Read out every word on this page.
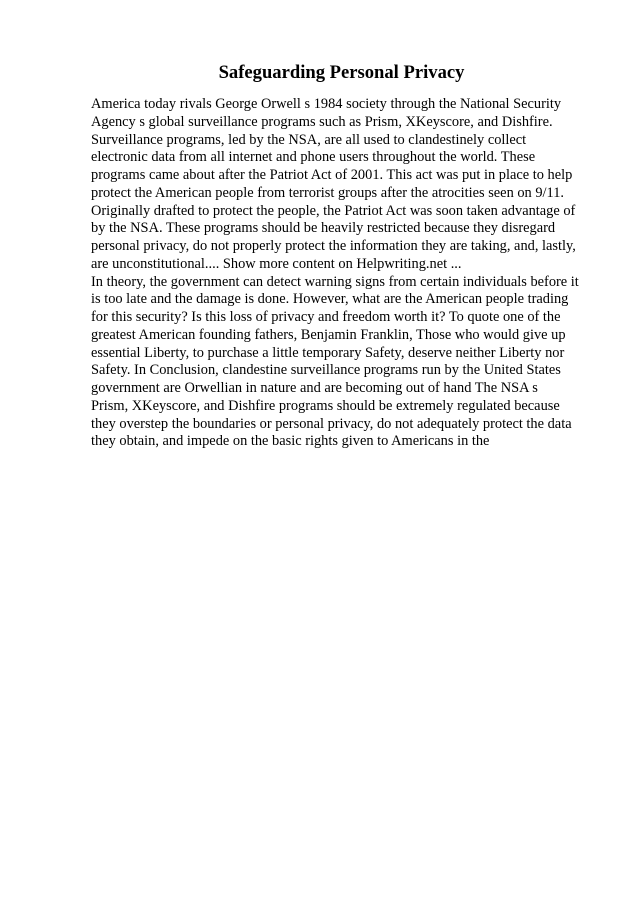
Safeguarding Personal Privacy
America today rivals George Orwell s 1984 society through the National Security
Agency s global surveillance programs such as Prism, XKeyscore, and Dishfire.
Surveillance programs, led by the NSA, are all used to clandestinely collect
electronic data from all internet and phone users throughout the world. These
programs came about after the Patriot Act of 2001. This act was put in place to help
protect the American people from terrorist groups after the atrocities seen on 9/11.
Originally drafted to protect the people, the Patriot Act was soon taken advantage of
by the NSA. These programs should be heavily restricted because they disregard
personal privacy, do not properly protect the information they are taking, and, lastly,
are unconstitutional.... Show more content on Helpwriting.net ...
In theory, the government can detect warning signs from certain individuals before it
is too late and the damage is done. However, what are the American people trading
for this security? Is this loss of privacy and freedom worth it? To quote one of the
greatest American founding fathers, Benjamin Franklin, Those who would give up
essential Liberty, to purchase a little temporary Safety, deserve neither Liberty nor
Safety. In Conclusion, clandestine surveillance programs run by the United States
government are Orwellian in nature and are becoming out of hand The NSA s
Prism, XKeyscore, and Dishfire programs should be extremely regulated because
they overstep the boundaries or personal privacy, do not adequately protect the data
they obtain, and impede on the basic rights given to Americans in the
